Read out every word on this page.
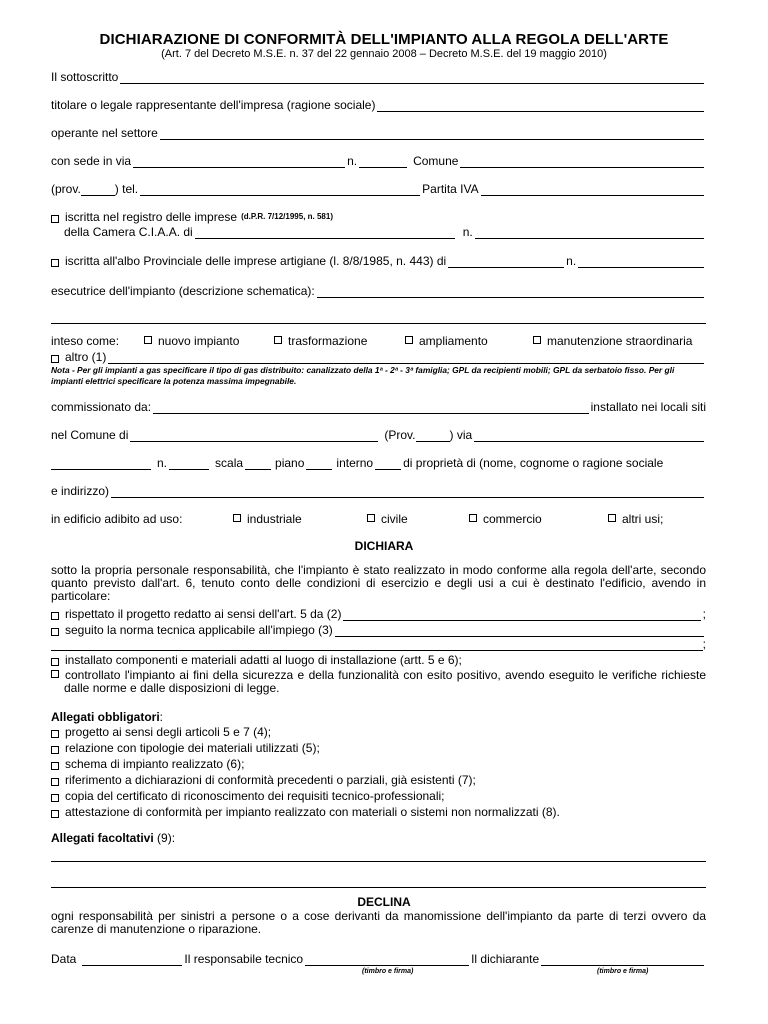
DICHIARAZIONE DI CONFORMITÀ DELL'IMPIANTO ALLA REGOLA DELL'ARTE
(Art. 7 del Decreto M.S.E. n. 37 del 22 gennaio 2008 – Decreto M.S.E. del 19 maggio 2010)
Il sottoscritto
titolare o legale rappresentante dell'impresa (ragione sociale)
operante nel settore
con sede in via	n.	Comune
(prov.	) tel.	Partita IVA
iscritta nel registro delle imprese (d.P.R. 7/12/1995, n. 581)
della Camera C.I.A.A. di	n.
iscritta all'albo Provinciale delle imprese artigiane (l. 8/8/1985, n. 443) di	n.
esecutrice dell'impianto (descrizione schematica):
inteso come:	nuovo impianto	trasformazione	ampliamento	manutenzione straordinaria
altro (1)
Nota - Per gli impianti a gas specificare il tipo di gas distribuito: canalizzato della 1ª - 2ª - 3ª famiglia; GPL da recipienti mobili; GPL da serbatoio fisso. Per gli impianti elettrici specificare la potenza massima impegnabile.
commissionato da:	installato nei locali siti
nel Comune di	(Prov.	) via
n.	scala	piano	interno	di proprietà di (nome, cognome o ragione sociale
e indirizzo)
in edificio adibito ad uso:	industriale	civile	commercio	altri usi;
DICHIARA
sotto la propria personale responsabilità, che l'impianto è stato realizzato in modo conforme alla regola dell'arte, secondo quanto previsto dall'art. 6, tenuto conto delle condizioni di esercizio e degli usi a cui è destinato l'edificio, avendo in particolare:
rispettato il progetto redatto ai sensi dell'art. 5 da (2)	;
seguito la norma tecnica applicabile all'impiego (3)
;
installato componenti e materiali adatti al luogo di installazione (artt. 5 e 6);
controllato l'impianto ai fini della sicurezza e della funzionalità con esito positivo, avendo eseguito le verifiche richieste dalle norme e dalle disposizioni di legge.
Allegati obbligatori :
progetto ai sensi degli articoli 5 e 7 (4);
relazione con tipologie dei materiali utilizzati (5);
schema di impianto realizzato (6);
riferimento a dichiarazioni di conformità precedenti o parziali, già esistenti (7);
copia del certificato di riconoscimento dei requisiti tecnico-professionali;
attestazione di conformità per impianto realizzato con materiali o sistemi non normalizzati (8).
Allegati facoltativi (9):
DECLINA
ogni responsabilità per sinistri a persone o a cose derivanti da manomissione dell'impianto da parte di terzi ovvero da carenze di manutenzione o riparazione.
Data	Il responsabile tecnico	Il dichiarante
(timbro e firma)	(timbro e firma)
